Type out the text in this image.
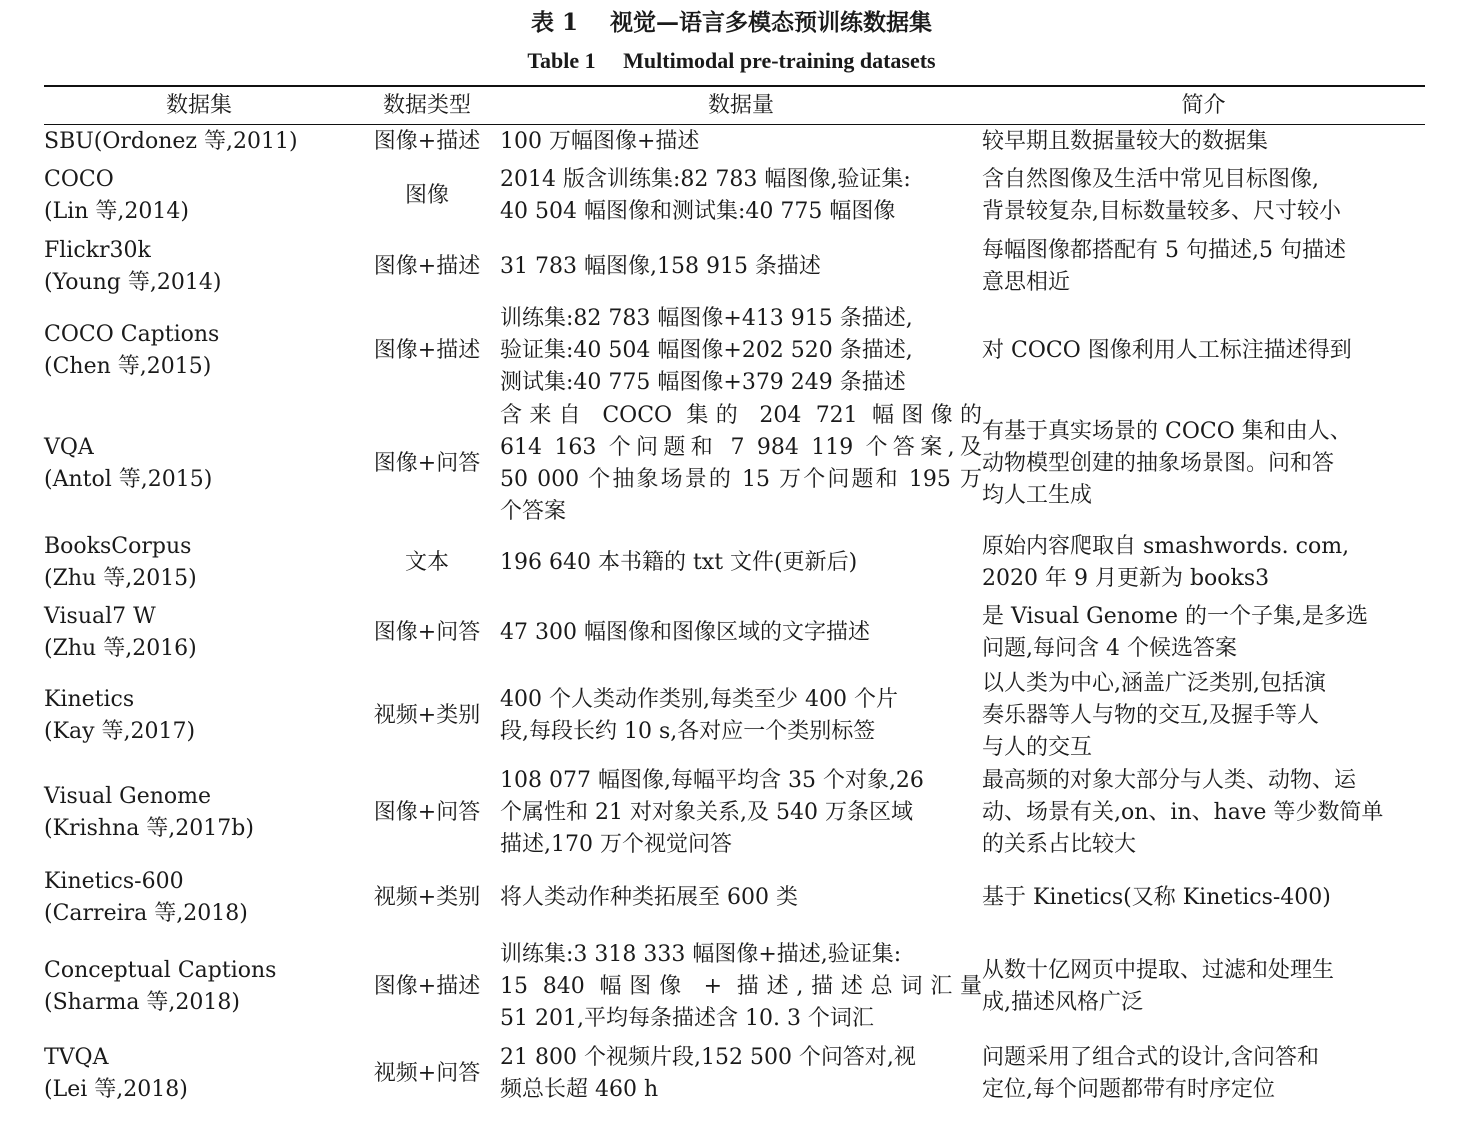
表 1 视觉—语言多模态预训练数据集
Table 1 Multimodal pre-training datasets
数据集	数据类型	数据量	简介

SBU(Ordonez 等,2011)	图像+描述	100 万幅图像+描述	较早期且数据量较大的数据集

COCO
(Lin 等,2014)	图像	2014 版含训练集:82 783 幅图像,验证集:
40 504 幅图像和测试集:40 775 幅图像	含自然图像及生活中常见目标图像,
背景较复杂,目标数量较多、尺寸较小

Flickr30k
(Young 等,2014)	图像+描述	31 783 幅图像,158 915 条描述	每幅图像都搭配有 5 句描述,5 句描述
意思相近

COCO Captions
(Chen 等,2015)	图像+描述	训练集:82 783 幅图像+413 915 条描述,
验证集:40 504 幅图像+202 520 条描述,
测试集:40 775 幅图像+379 249 条描述	对 COCO 图像利用人工标注描述得到

VQA
(Antol 等,2015)	图像+问答	含来自 COCO 集的 204 721 幅图像的
614 163 个问题和 7 984 119 个答案,及
50 000 个抽象场景的 15 万个问题和 195 万
个答案	有基于真实场景的 COCO 集和由人、
动物模型创建的抽象场景图。问和答
均人工生成

BooksCorpus
(Zhu 等,2015)	文本	196 640 本书籍的 txt 文件(更新后)	原始内容爬取自 smashwords. com,
2020 年 9 月更新为 books3

Visual7 W
(Zhu 等,2016)	图像+问答	47 300 幅图像和图像区域的文字描述	是 Visual Genome 的一个子集,是多选
问题,每问含 4 个候选答案

Kinetics
(Kay 等,2017)	视频+类别	400 个人类动作类别,每类至少 400 个片
段,每段长约 10 s,各对应一个类别标签	以人类为中心,涵盖广泛类别,包括演
奏乐器等人与物的交互,及握手等人
与人的交互

Visual Genome
(Krishna 等,2017b)	图像+问答	108 077 幅图像,每幅平均含 35 个对象,26
个属性和 21 对对象关系,及 540 万条区域
描述,170 万个视觉问答	最高频的对象大部分与人类、动物、运
动、场景有关,on、in、have 等少数简单
的关系占比较大

Kinetics-600
(Carreira 等,2018)	视频+类别	将人类动作种类拓展至 600 类	基于 Kinetics(又称 Kinetics-400)

Conceptual Captions
(Sharma 等,2018)	图像+描述	训练集:3 318 333 幅图像+描述,验证集:
15 840 幅图像 + 描述,描述总词汇量
51 201,平均每条描述含 10. 3 个词汇	从数十亿网页中提取、过滤和处理生
成,描述风格广泛

TVQA
(Lei 等,2018)	视频+问答	21 800 个视频片段,152 500 个问答对,视
频总长超 460 h	问题采用了组合式的设计,含问答和
定位,每个问题都带有时序定位
